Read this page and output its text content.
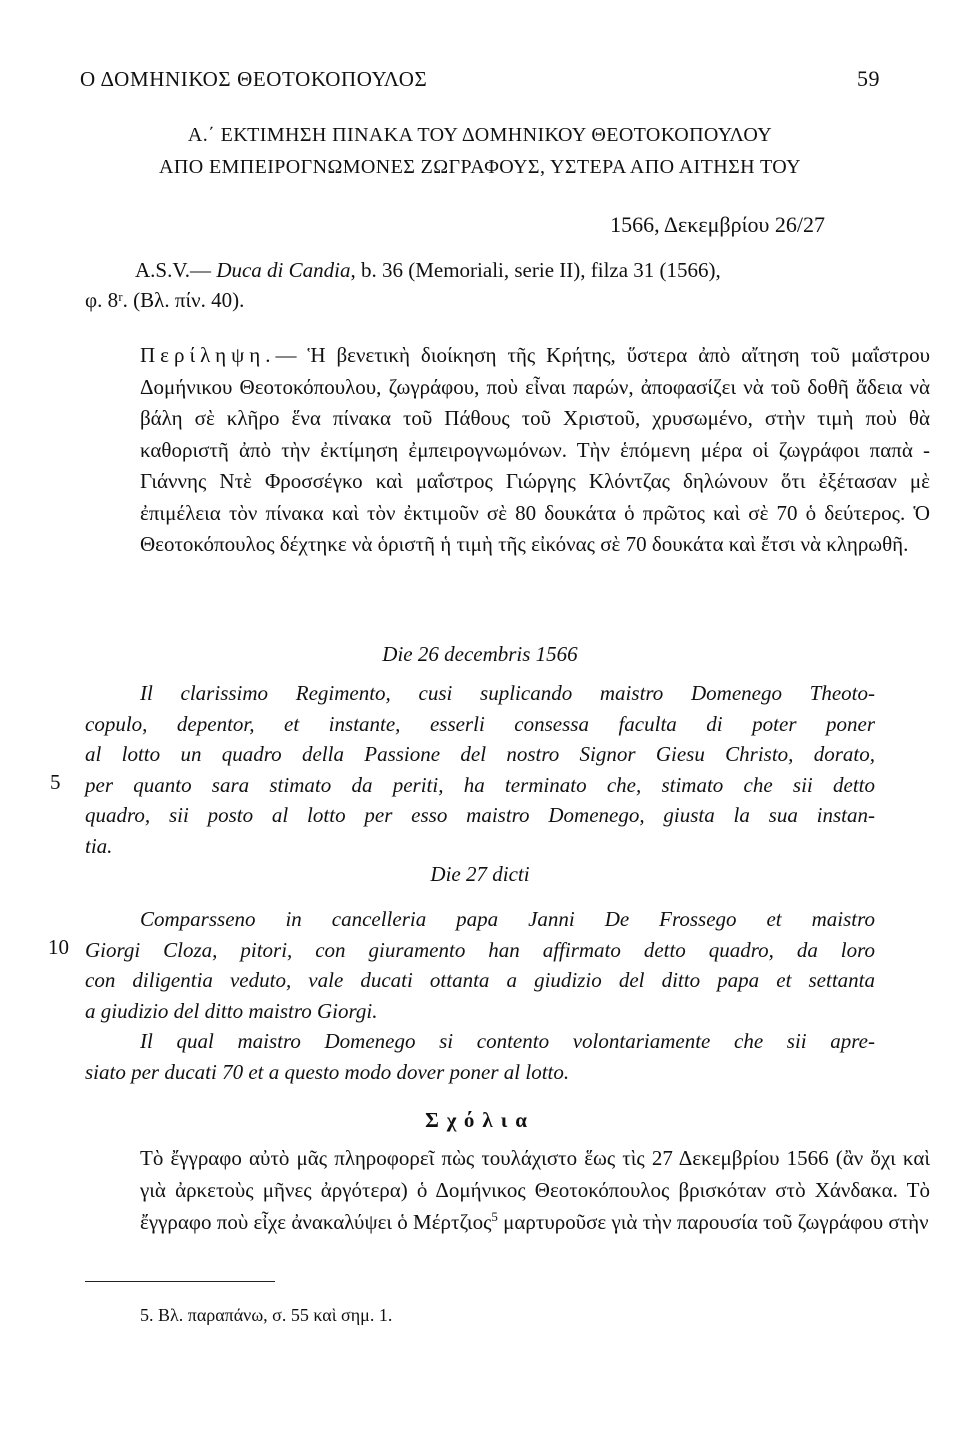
Ο ΔΟΜΗΝΙΚΟΣ ΘΕΟΤΟΚΟΠΟΥΛΟΣ	59
Α.΄ ΕΚΤΙΜΗΣΗ ΠΙΝΑΚΑ ΤΟΥ ΔΟΜΗΝΙΚΟΥ ΘΕΟΤΟΚΟΠΟΥΛΟΥ
ΑΠΟ ΕΜΠΕΙΡΟΓΝΩΜΟΝΕΣ ΖΩΓΡΑΦΟΥΣ, ΥΣΤΕΡΑ ΑΠΟ ΑΙΤΗΣΗ ΤΟΥ
1566, Δεκεμβρίου 26/27
A.S.V.— Duca di Candia, b. 36 (Memoriali, serie II), filza 31 (1566),
φ. 8ʳ. (Βλ. πίν. 40).

Περίληψη.— Ἡ βενετικὴ διοίκηση τῆς Κρήτης, ὕστερα ἀπὸ αἴτηση τοῦ μαΐστρου Δομήνικου Θεοτοκόπουλου, ζωγράφου, ποὺ εἶναι παρών, ἀποφασίζει νὰ τοῦ δοθῆ ἄδεια νὰ βάλη σὲ κλῆρο ἕνα πίνακα τοῦ Πάθους τοῦ Χριστοῦ, χρυσωμένο, στὴν τιμὴ ποὺ θὰ καθοριστῆ ἀπὸ τὴν ἐκτίμηση ἐμπειρογνωμόνων. Τὴν ἑπόμενη μέρα οἱ ζωγράφοι παπὰ - Γιάννης Ντὲ Φροσσέγκο καὶ μαΐστρος Γιώργης Κλόντζας δηλώνουν ὅτι ἐξέτασαν μὲ ἐπιμέλεια τὸν πίνακα καὶ τὸν ἐκτιμοῦν σὲ 80 δουκάτα ὁ πρῶτος καὶ σὲ 70 ὁ δεύτερος. Ὁ Θεοτοκόπουλος δέχτηκε νὰ ὁριστῆ ἡ τιμὴ τῆς εἰκόνας σὲ 70 δουκάτα καὶ ἔτσι νὰ κληρωθῆ.

Die 26 decembris 1566
Il clarissimo Regimento, cusi suplicando maistro Domenego Theoto-
copulo, depentor, et instante, esserli consessa faculta di poter poner
al lotto un quadro della Passione del nostro Signor Giesu Christo, dorato,
per quanto sara stimato da periti, ha terminato che, stimato che sii detto
quadro, sii posto al lotto per esso maistro Domenego, giusta la sua instan-
tia.
5
Die 27 dicti
Comparsseno in cancelleria papa Janni De Frossego et maistro
Giorgi Cloza, pitori, con giuramento han affirmato detto quadro, da loro
con diligentia veduto, vale ducati ottanta a giudizio del ditto papa et settanta
a giudizio del ditto maistro Giorgi.
10
Il qual maistro Domenego si contento volontariamente che sii apre-
siato per ducati 70 et a questo modo dover poner al lotto.
Σχόλια

Τὸ ἔγγραφο αὐτὸ μᾶς πληροφορεῖ πὼς τουλάχιστο ἕως τὶς 27 Δεκεμβρίου 1566 (ἂν ὄχι καὶ γιὰ ἀρκετοὺς μῆνες ἀργότερα) ὁ Δομήνικος Θεοτοκόπουλος βρισκόταν στὸ Χάνδακα. Τὸ ἔγγραφο ποὺ εἶχε ἀνακαλύψει ὁ Μέρτζιος$^5$ μαρτυροῦσε γιὰ τὴν παρουσία τοῦ ζωγράφου στὴν

5. Βλ. παραπάνω, σ. 55 καὶ σημ. 1.
